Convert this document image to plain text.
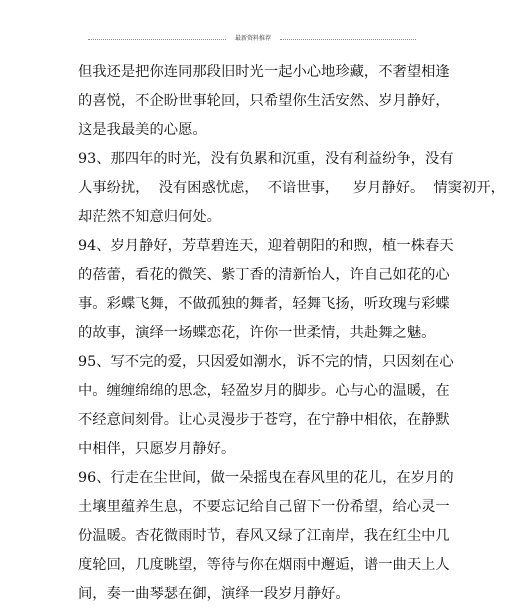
最新资料推荐
但我还是把你连同那段旧时光一起小心地珍藏，不奢望相逢
的喜悦，不企盼世事轮回，只希望你生活安然、岁月静好，
这是我最美的心愿。
93、那四年的时光，没有负累和沉重，没有利益纷争，没有
人事纷扰，  没有困惑忧虑，  不谙世事，   岁月静好。  情窦初开，
却茫然不知意归何处。
94、岁月静好，芳草碧连天，迎着朝阳的和煦，植一株春天
的蓓蕾，看花的微笑、紫丁香的清新怡人，许自己如花的心
事。彩蝶飞舞，不做孤独的舞者，轻舞飞扬，听玫瑰与彩蝶
的故事，演绎一场蝶恋花，许你一世柔情，共赴舞之魅。
95、写不完的爱，只因爱如潮水，诉不完的情，只因刻在心
中。缠缠绵绵的思念，轻盈岁月的脚步。心与心的温暖，在
不经意间刻骨。让心灵漫步于苍穹，在宁静中相依，在静默
中相伴，只愿岁月静好。
96、行走在尘世间，做一朵摇曳在春风里的花儿，在岁月的
土壤里蕴养生息，不要忘记给自己留下一份希望，给心灵一
份温暖。杏花微雨时节，春风又绿了江南岸，我在红尘中几
度轮回，几度眺望，等待与你在烟雨中邂逅，谱一曲天上人
间，奏一曲琴瑟在御，演绎一段岁月静好。
